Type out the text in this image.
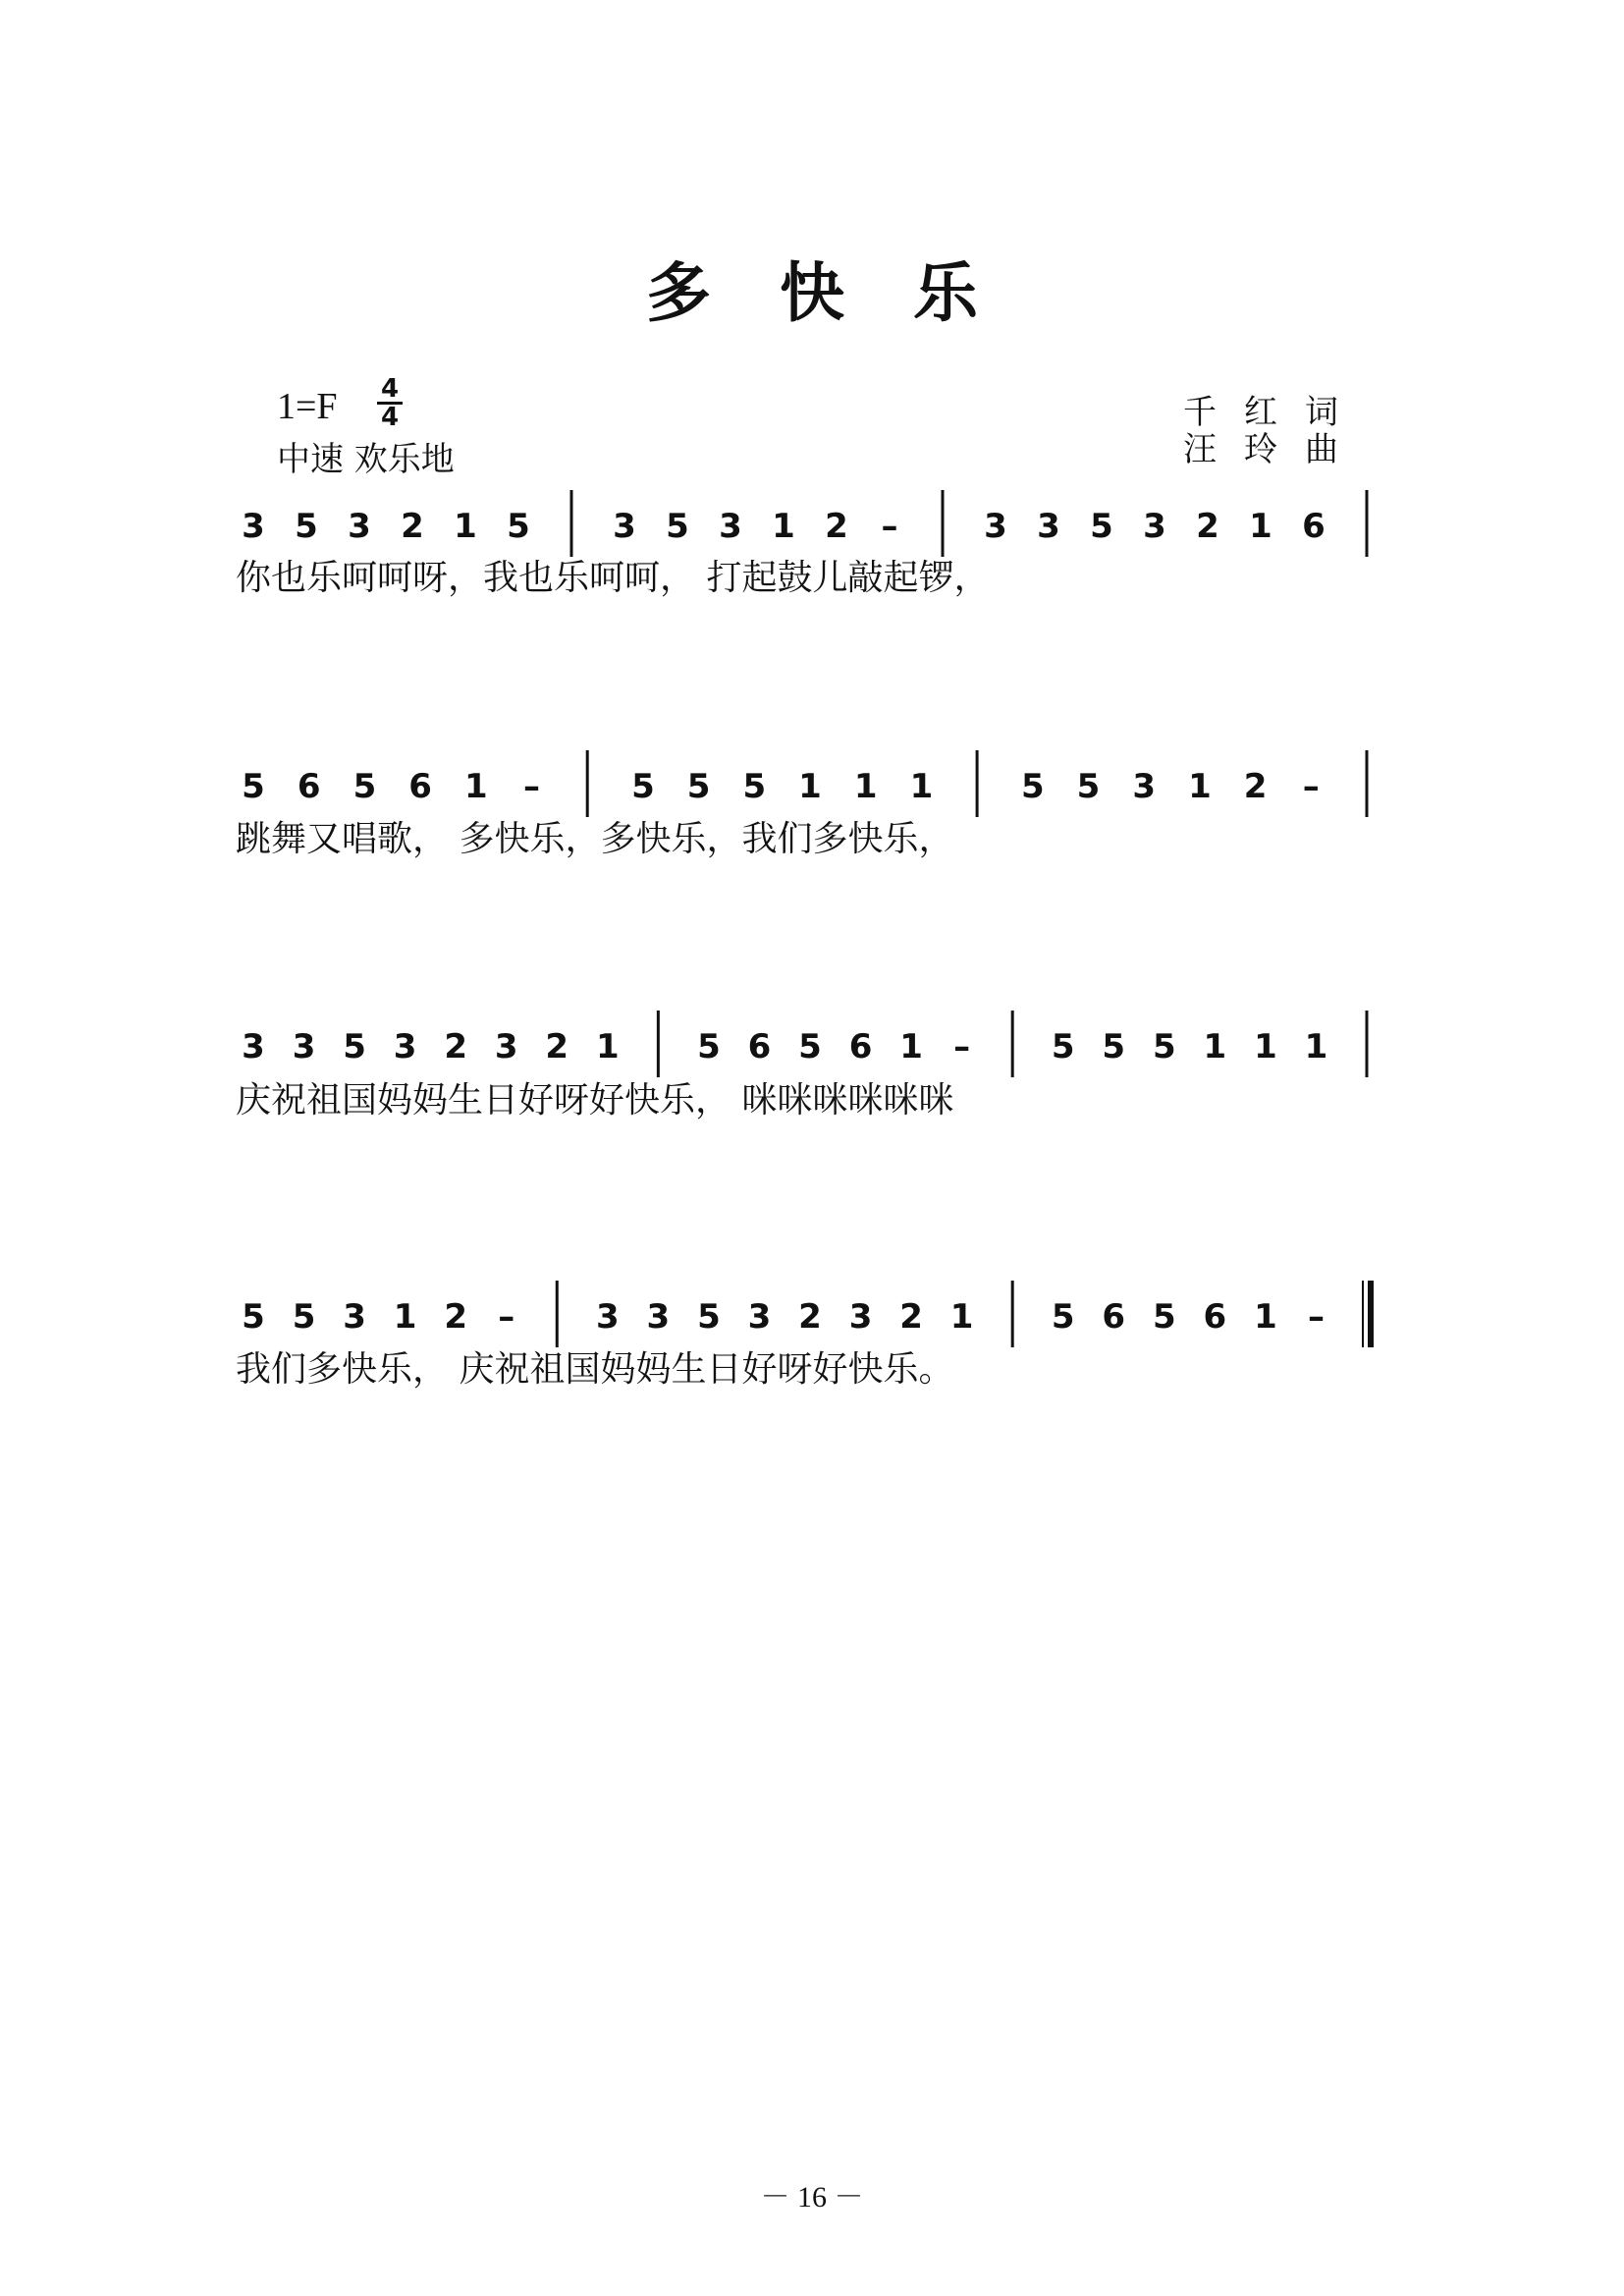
多快乐
1=F 4
4
中速 欢乐地
千红词
汪玲曲
3 5 3 2 1 5 3 5 3 1 2 –	3 3 5 3 2 1 6
5 6 5 6 1 –	5 5 5 1 1 1	5 5 3 1 2 –
3 3 5 3 2 3 2 1 5 6 5 6 1 – 5 5 5 1 1 1
5 5 3 1 2 – 3 3 5 3 2 3 2 1 5 6 5 6 1 –
你也乐呵呵呀，我也乐呵呵， 打起鼓儿敲起锣，
跳舞又唱歌， 多快乐，多快乐，我们多快乐，
庆祝祖国妈妈生日好呀好快乐， 咪咪咪咪咪咪
我们多快乐， 庆祝祖国妈妈生日好呀好快乐。
－ 16 －
